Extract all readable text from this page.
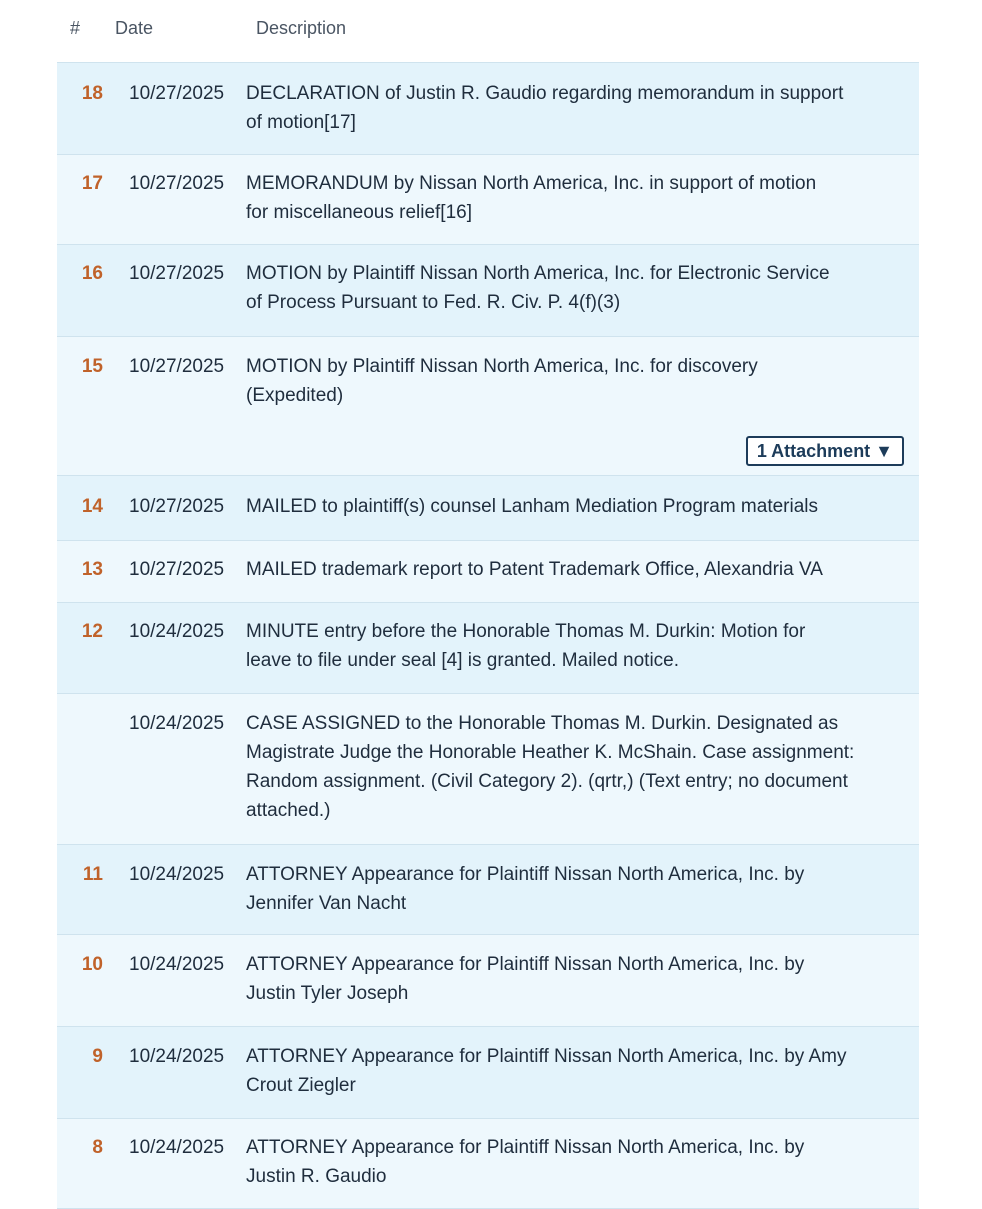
# Date	Description
18 10/27/2025 DECLARATION of Justin R. Gaudio regarding memorandum in support
of motion[17]
17 10/27/2025 MEMORANDUM by Nissan North America, Inc. in support of motion
for miscellaneous relief[16]
16 10/27/2025 MOTION by Plaintiff Nissan North America, Inc. for Electronic Service
of Process Pursuant to Fed. R. Civ. P. 4(f)(3)
15 10/27/2025 MOTION by Plaintiff Nissan North America, Inc. for discovery
(Expedited)
1 Attachment ▼
14 10/27/2025 MAILED to plaintiff(s) counsel Lanham Mediation Program materials
13 10/27/2025 MAILED trademark report to Patent Trademark Office, Alexandria VA
12 10/24/2025 MINUTE entry before the Honorable Thomas M. Durkin: Motion for
leave to file under seal [4] is granted. Mailed notice.
10/24/2025 CASE ASSIGNED to the Honorable Thomas M. Durkin. Designated as
Magistrate Judge the Honorable Heather K. McShain. Case assignment:
Random assignment. (Civil Category 2). (qrtr,) (Text entry; no document
attached.)
11 10/24/2025 ATTORNEY Appearance for Plaintiff Nissan North America, Inc. by
Jennifer Van Nacht
10 10/24/2025 ATTORNEY Appearance for Plaintiff Nissan North America, Inc. by
Justin Tyler Joseph
9 10/24/2025 ATTORNEY Appearance for Plaintiff Nissan North America, Inc. by Amy
Crout Ziegler
8 10/24/2025 ATTORNEY Appearance for Plaintiff Nissan North America, Inc. by
Justin R. Gaudio
